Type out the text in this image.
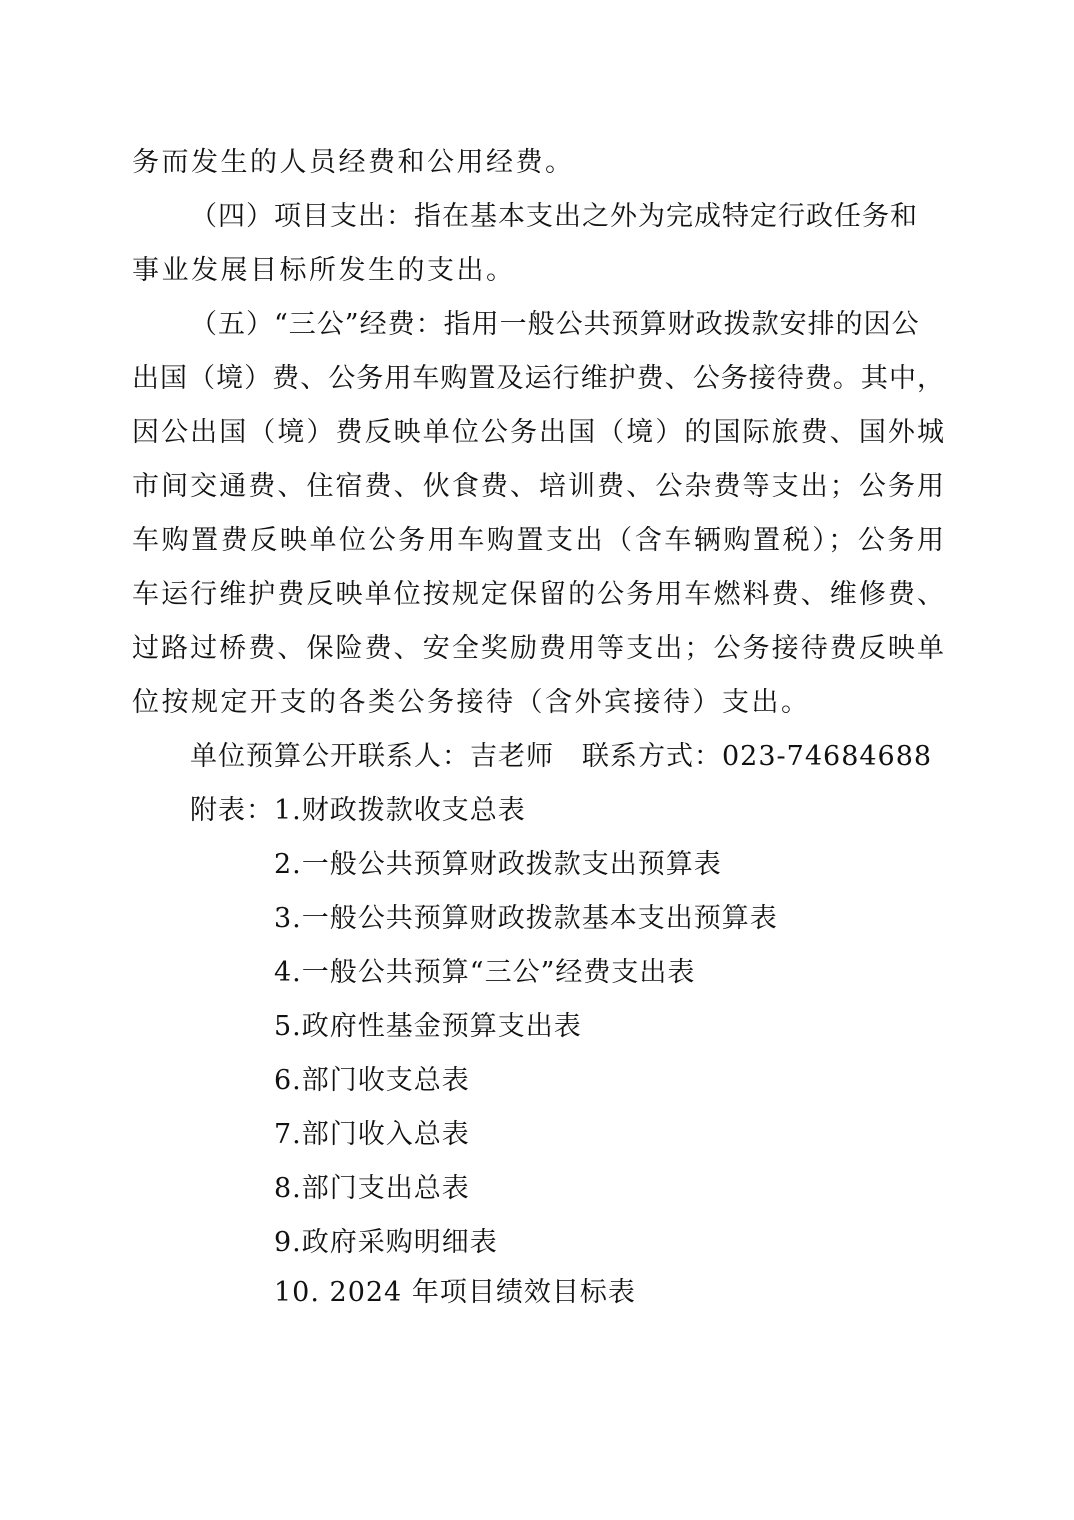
务而发生的人员经费和公用经费。
（四）项目支出：指在基本支出之外为完成特定行政任务和
事业发展目标所发生的支出。
（五）“三公”经费：指用一般公共预算财政拨款安排的因公
出国（境）费、公务用车购置及运行维护费、公务接待费。其中，
因公出国（境）费反映单位公务出国（境）的国际旅费、国外城
市间交通费、住宿费、伙食费、培训费、公杂费等支出；公务用
车购置费反映单位公务用车购置支出（含车辆购置税）；公务用
车运行维护费反映单位按规定保留的公务用车燃料费、维修费、
过路过桥费、保险费、安全奖励费用等支出；公务接待费反映单
位按规定开支的各类公务接待（含外宾接待）支出。
单位预算公开联系人：吉老师　联系方式：023-74684688
附表：1.财政拨款收支总表
2.一般公共预算财政拨款支出预算表
3.一般公共预算财政拨款基本支出预算表
4.一般公共预算“三公”经费支出表
5.政府性基金预算支出表
6.部门收支总表
7.部门收入总表
8.部门支出总表
9.政府采购明细表
10. 2024 年项目绩效目标表
